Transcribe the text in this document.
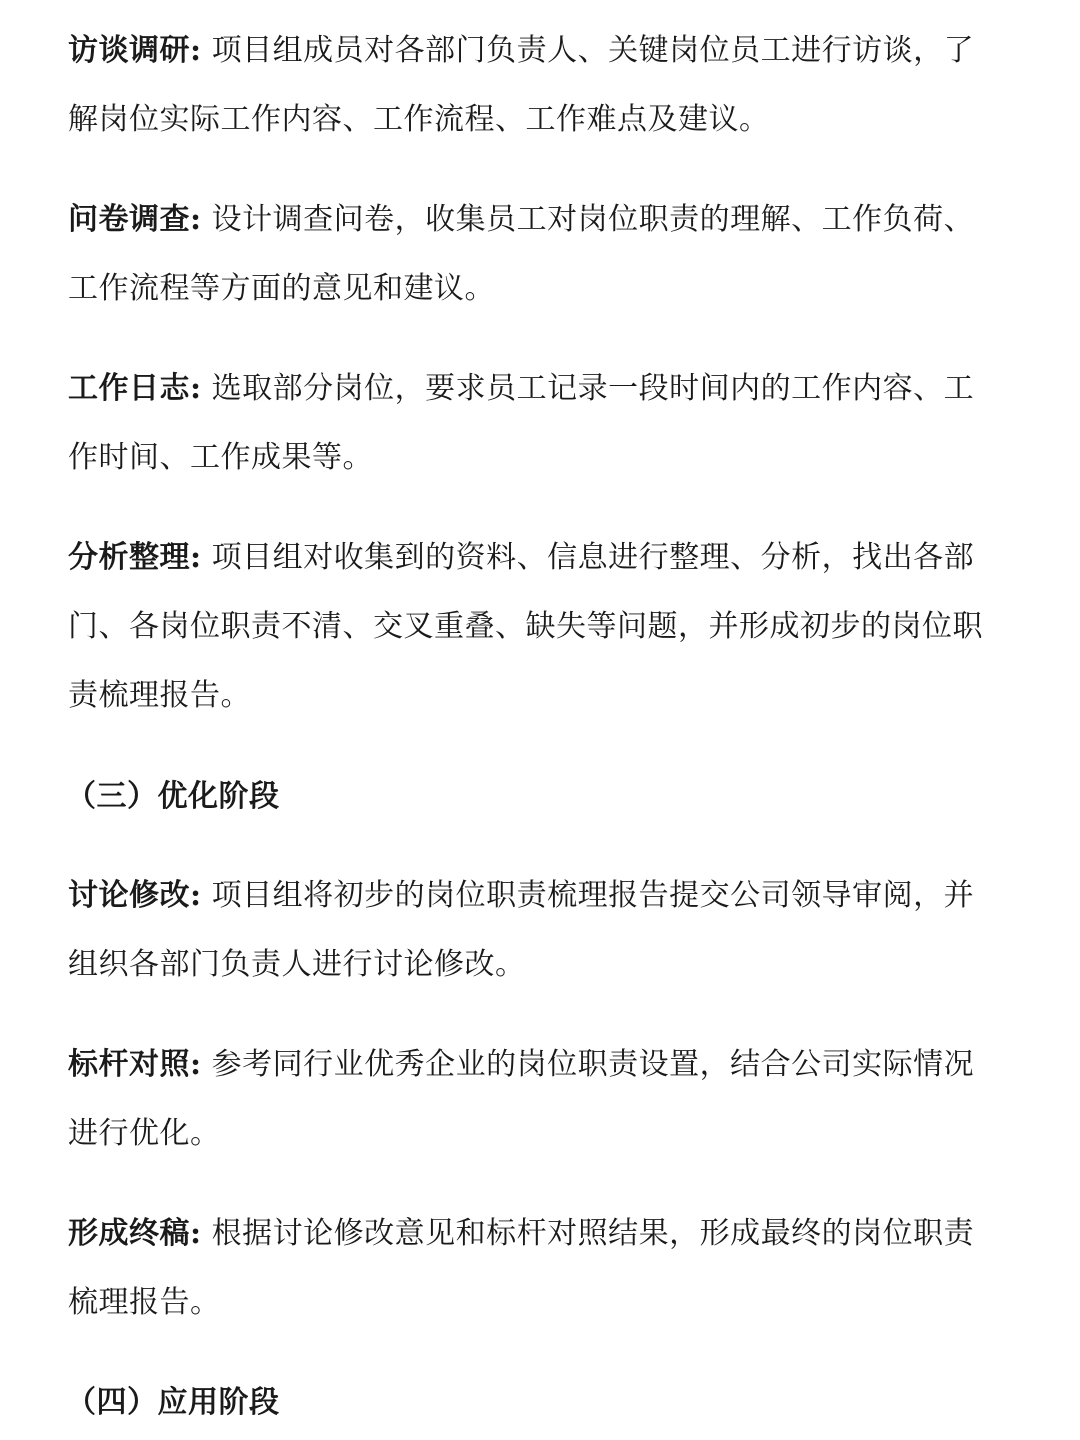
访谈调研: 项目组成员对各部门负责人、关键岗位员工进行访谈，了解岗位实际工作内容、工作流程、工作难点及建议。

问卷调查: 设计调查问卷，收集员工对岗位职责的理解、工作负荷、工作流程等方面的意见和建议。

工作日志: 选取部分岗位，要求员工记录一段时间内的工作内容、工作时间、工作成果等。

分析整理: 项目组对收集到的资料、信息进行整理、分析，找出各部门、各岗位职责不清、交叉重叠、缺失等问题，并形成初步的岗位职责梳理报告。

（三）优化阶段

讨论修改: 项目组将初步的岗位职责梳理报告提交公司领导审阅，并组织各部门负责人进行讨论修改。

标杆对照: 参考同行业优秀企业的岗位职责设置，结合公司实际情况进行优化。

形成终稿: 根据讨论修改意见和标杆对照结果，形成最终的岗位职责梳理报告。

（四）应用阶段
